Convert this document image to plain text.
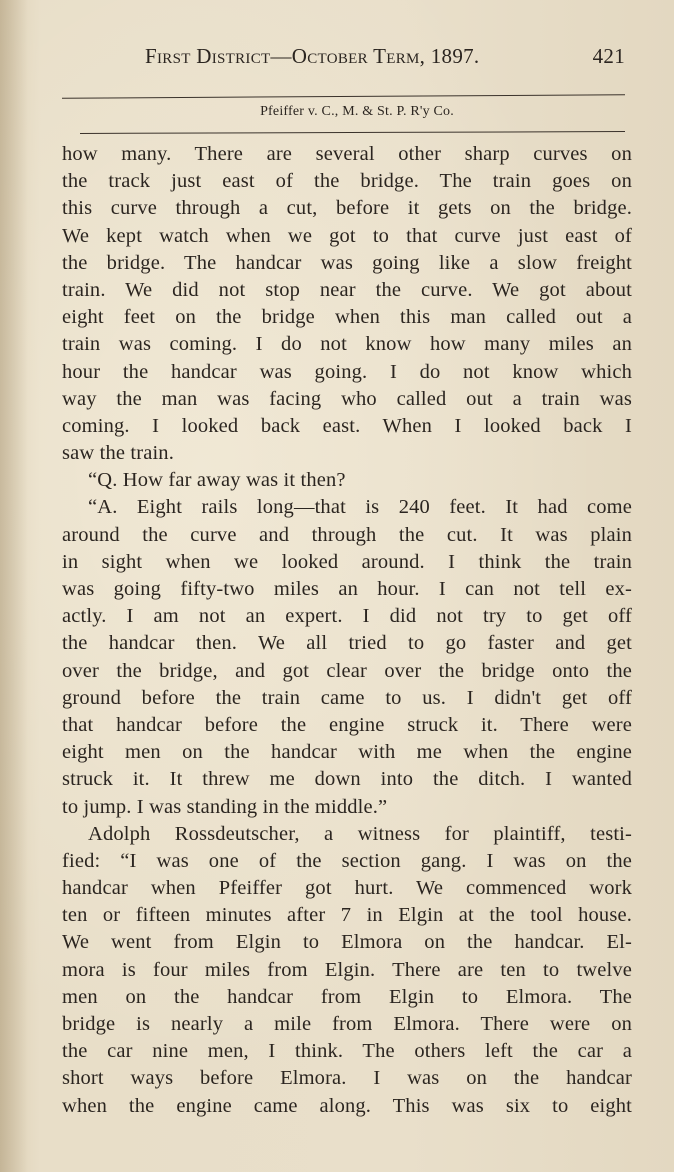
First District—October Term, 1897.	421
Pfeiffer v. C., M. & St. P. R'y Co.
how many. There are several other sharp curves on
the track just east of the bridge. The train goes on
this curve through a cut, before it gets on the bridge.
We kept watch when we got to that curve just east of
the bridge. The handcar was going like a slow freight
train. We did not stop near the curve. We got about
eight feet on the bridge when this man called out a
train was coming. I do not know how many miles an
hour the handcar was going. I do not know which
way the man was facing who called out a train was
coming. I looked back east. When I looked back I
saw the train.
“Q. How far away was it then?
“A. Eight rails long—that is 240 feet. It had come
around the curve and through the cut. It was plain
in sight when we looked around. I think the train
was going fifty-two miles an hour. I can not tell ex-
actly. I am not an expert. I did not try to get off
the handcar then. We all tried to go faster and get
over the bridge, and got clear over the bridge onto the
ground before the train came to us. I didn't get off
that handcar before the engine struck it. There were
eight men on the handcar with me when the engine
struck it. It threw me down into the ditch. I wanted
to jump. I was standing in the middle.”
Adolph Rossdeutscher, a witness for plaintiff, testi-
fied: “I was one of the section gang. I was on the
handcar when Pfeiffer got hurt. We commenced work
ten or fifteen minutes after 7 in Elgin at the tool house.
We went from Elgin to Elmora on the handcar. El-
mora is four miles from Elgin. There are ten to twelve
men on the handcar from Elgin to Elmora. The
bridge is nearly a mile from Elmora. There were on
the car nine men, I think. The others left the car a
short ways before Elmora. I was on the handcar
when the engine came along. This was six to eight
